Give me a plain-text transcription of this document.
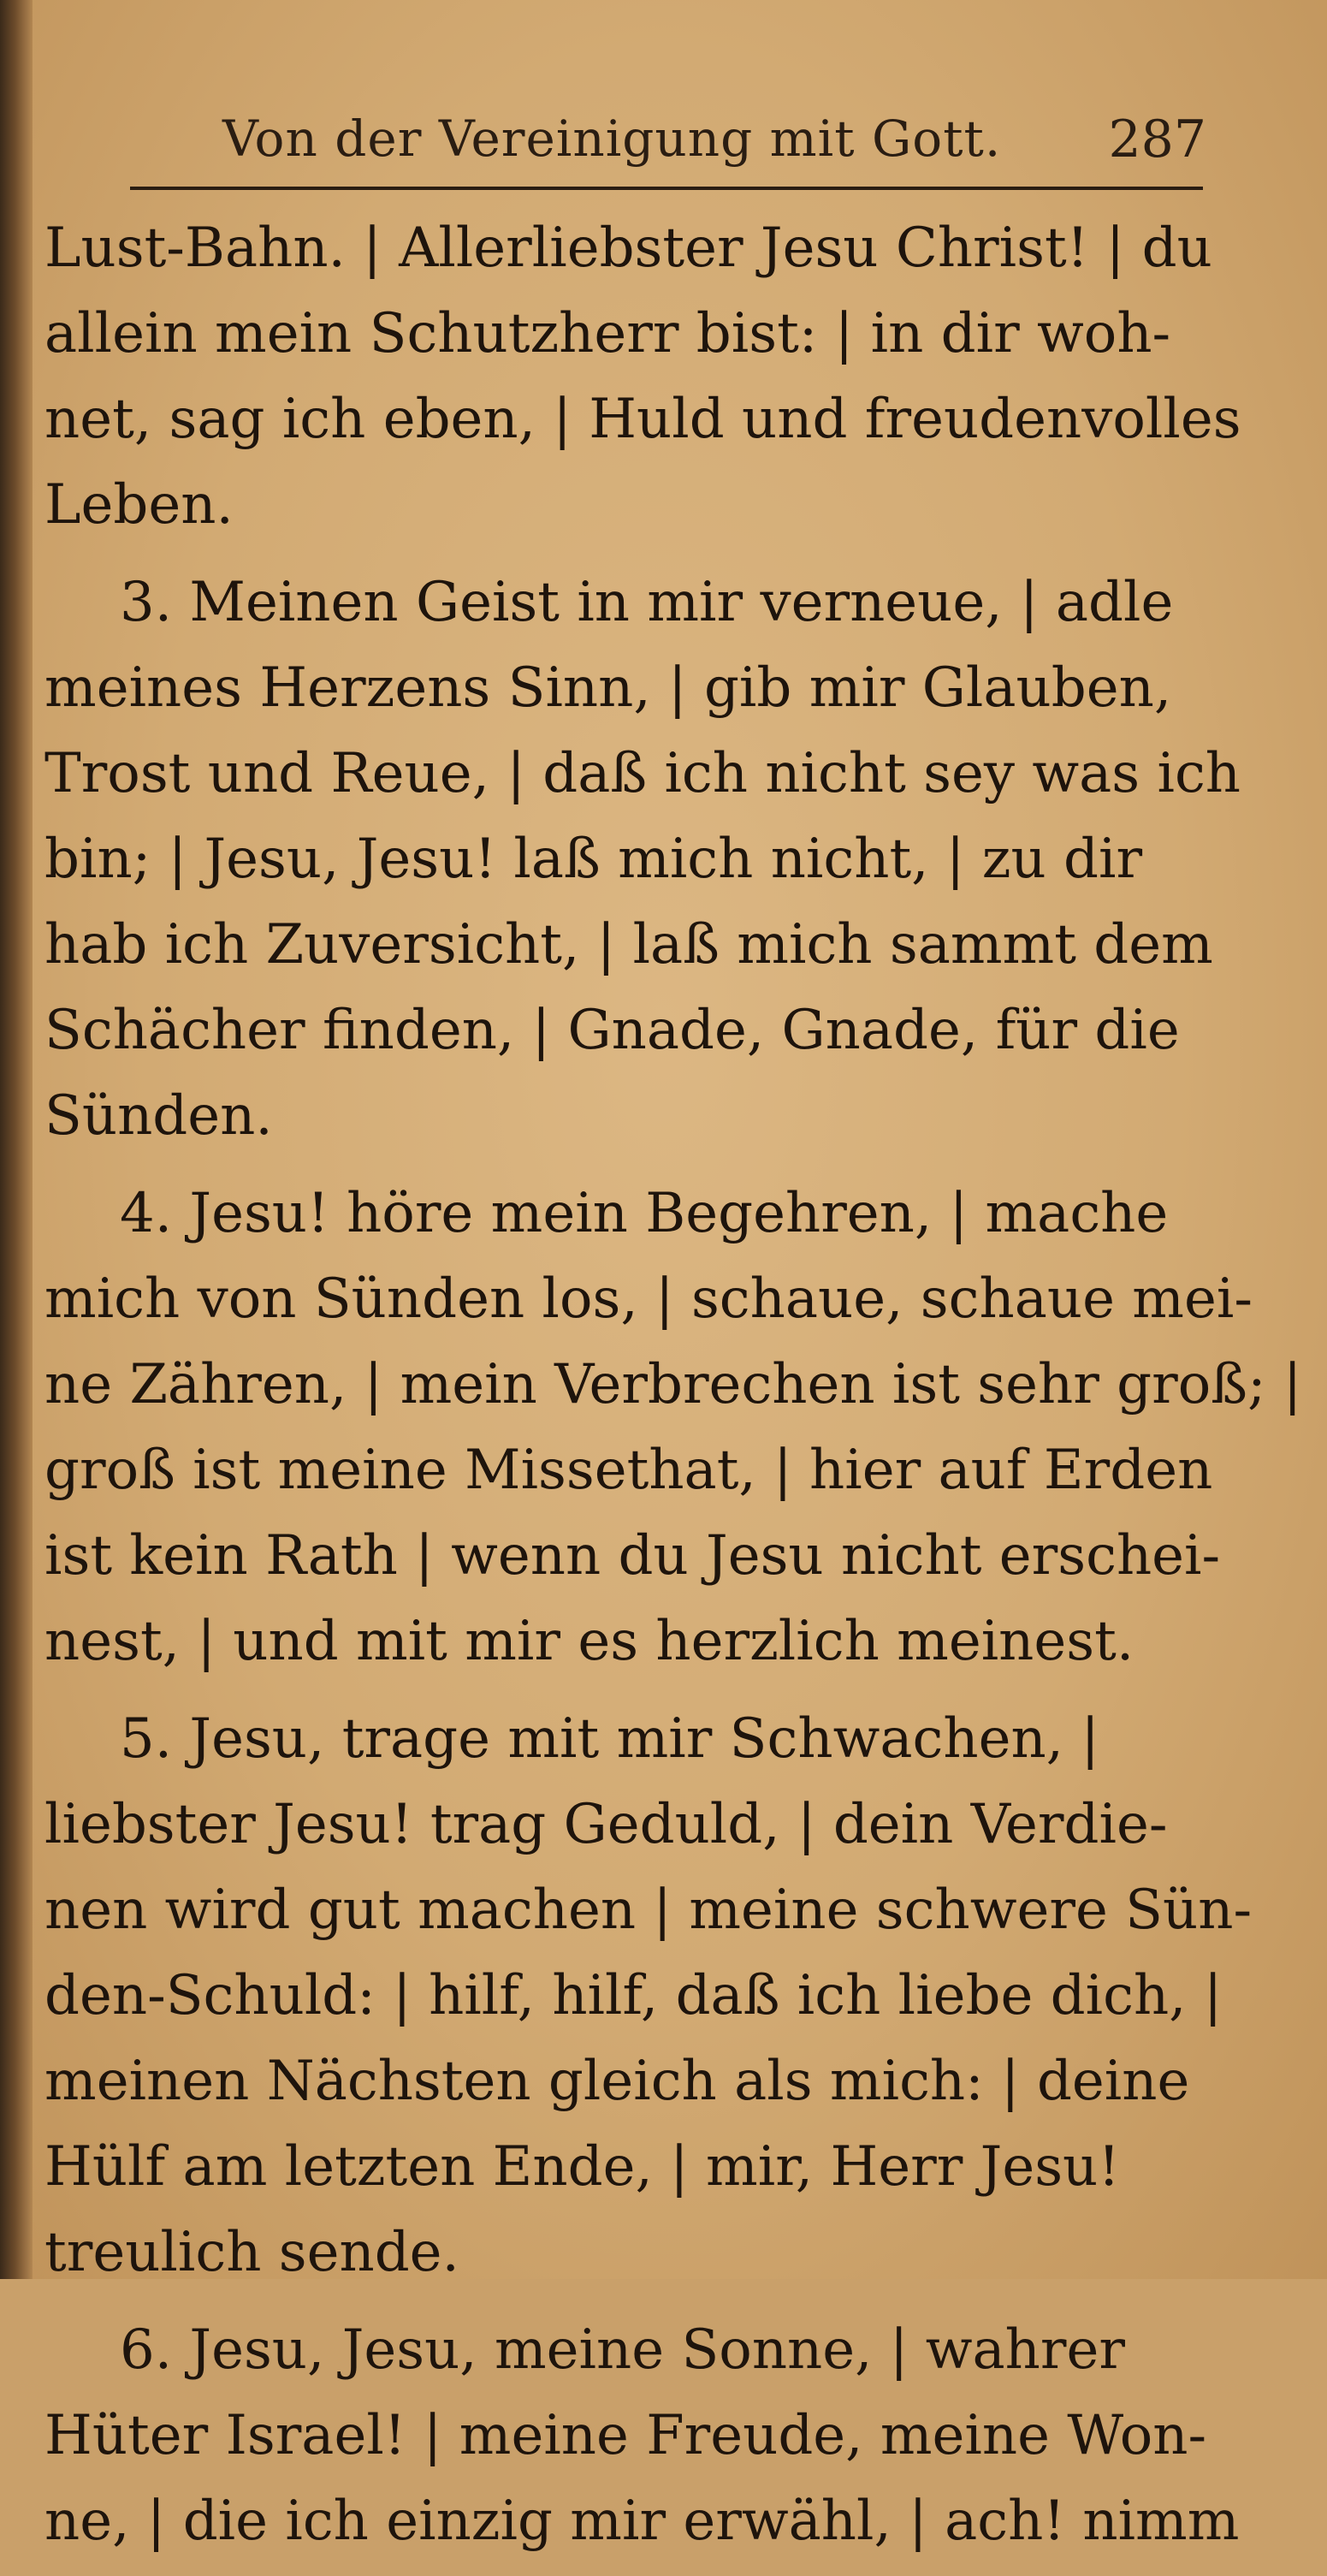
Von der Vereinigung mit Gott. 287
Lust-Bahn. | Allerliebster Jesu Christ! | du
allein mein Schutzherr bist: | in dir woh-
net, sag ich eben, | Huld und freudenvolles
Leben.
3. Meinen Geist in mir verneue, | adle
meines Herzens Sinn, | gib mir Glauben,
Trost und Reue, | daß ich nicht sey was ich
bin; | Jesu, Jesu! laß mich nicht, | zu dir
hab ich Zuversicht, | laß mich sammt dem
Schächer finden, | Gnade, Gnade, für die
Sünden.
4. Jesu! höre mein Begehren, | mache
mich von Sünden los, | schaue, schaue mei-
ne Zähren, | mein Verbrechen ist sehr groß; |
groß ist meine Missethat, | hier auf Erden
ist kein Rath | wenn du Jesu nicht erschei-
nest, | und mit mir es herzlich meinest.
5. Jesu, trage mit mir Schwachen, |
liebster Jesu! trag Geduld, | dein Verdie-
nen wird gut machen | meine schwere Sün-
den-Schuld: | hilf, hilf, daß ich liebe dich, |
meinen Nächsten gleich als mich: | deine
Hülf am letzten Ende, | mir, Herr Jesu!
treulich sende.
6. Jesu, Jesu, meine Sonne, | wahrer
Hüter Israel! | meine Freude, meine Won-
ne, | die ich einzig mir erwähl, | ach! nimm
